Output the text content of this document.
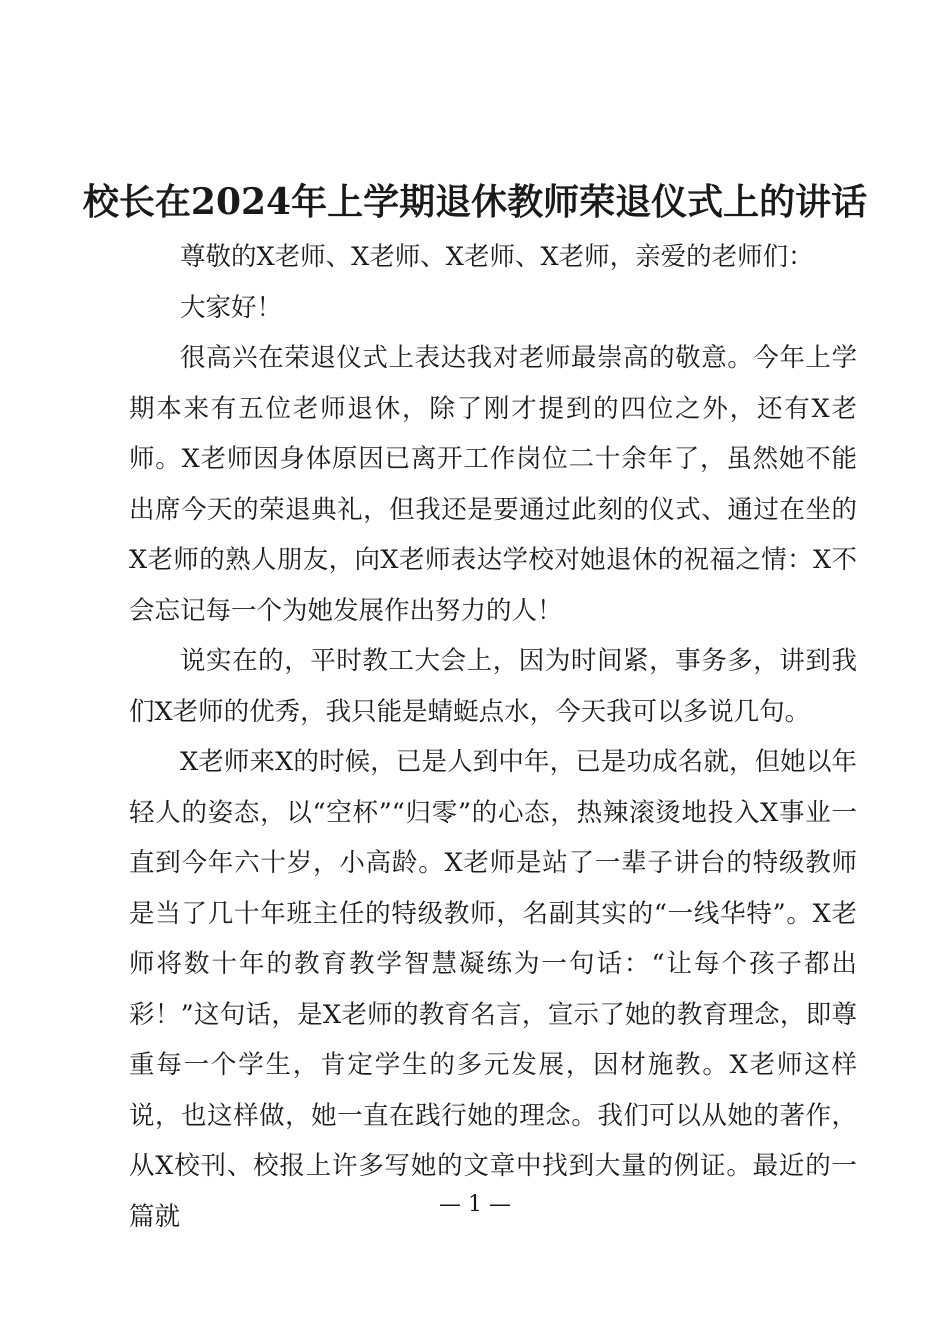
校长在2024年上学期退休教师荣退仪式上的讲话

尊敬的X老师、X老师、X老师、X老师，亲爱的老师们：

大家好！

很高兴在荣退仪式上表达我对老师最崇高的敬意。今年上学期本来有五位老师退休，除了刚才提到的四位之外，还有X老师。X老师因身体原因已离开工作岗位二十余年了，虽然她不能出席今天的荣退典礼，但我还是要通过此刻的仪式、通过在坐的X老师的熟人朋友，向X老师表达学校对她退休的祝福之情：X不会忘记每一个为她发展作出努力的人！

说实在的，平时教工大会上，因为时间紧，事务多，讲到我们X老师的优秀，我只能是蜻蜓点水，今天我可以多说几句。

X老师来X的时候，已是人到中年，已是功成名就，但她以年轻人的姿态，以“空杯”“归零”的心态，热辣滚烫地投入X事业一直到今年六十岁，小高龄。X老师是站了一辈子讲台的特级教师是当了几十年班主任的特级教师，名副其实的“一线华特”。X老师将数十年的教育教学智慧凝练为一句话：“让每个孩子都出彩！”这句话，是X老师的教育名言，宣示了她的教育理念，即尊重每一个学生，肯定学生的多元发展，因材施教。X老师这样说，也这样做，她一直在践行她的理念。我们可以从她的著作，从X校刊、校报上许多写她的文章中找到大量的例证。最近的一篇就	— 1 —
